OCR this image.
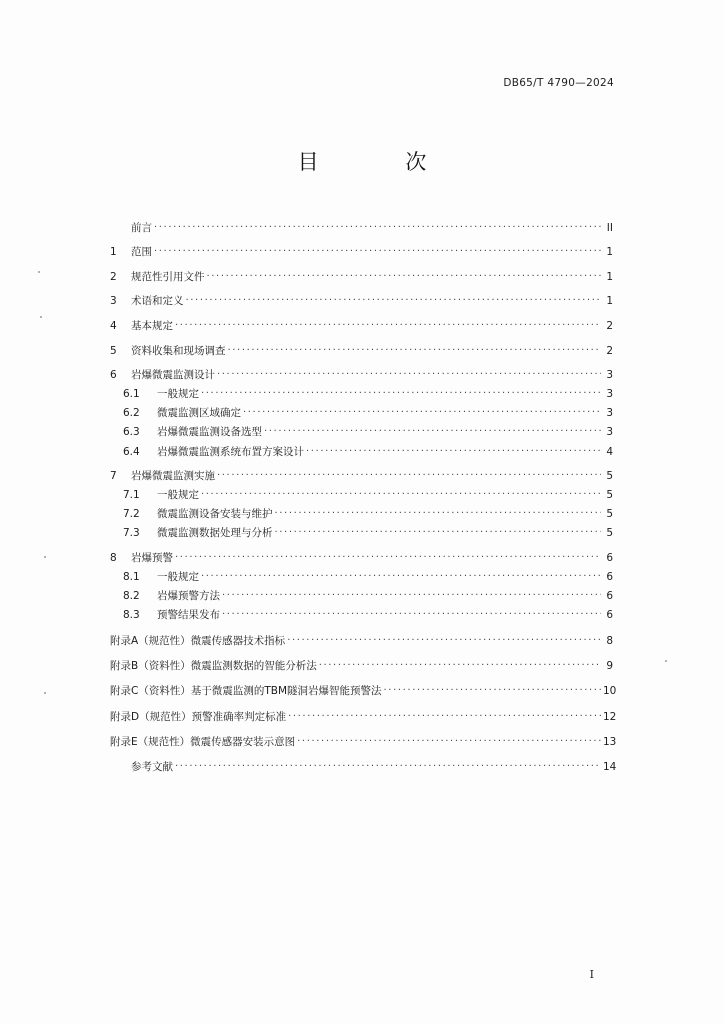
DB65/T 4790—2024
目 次
前言 ·····	II
1	范围 ·····	1
2	规范性引用文件 ·····	1
3	术语和定义 ·····	1
4	基本规定 ·····	2
5	资料收集和现场调查 ·····	2
6	岩爆微震监测设计 ·····	3
6.1	一般规定 ·····	3
6.2	微震监测区域确定 ·····	3
6.3	岩爆微震监测设备选型 ·····	3
6.4	岩爆微震监测系统布置方案设计 ·····	4
7	岩爆微震监测实施 ·····	5
7.1	一般规定 ·····	5
7.2	微震监测设备安装与维护 ·····	5
7.3	微震监测数据处理与分析 ·····	5
8	岩爆预警 ·····	6
8.1	一般规定 ·····	6
8.2	岩爆预警方法 ·····	6
8.3	预警结果发布 ·····	6
附录A（规范性） 微震传感器技术指标 ·····	8
附录B（资料性） 微震监测数据的智能分析法 ·····	9
附录C（资料性） 基于微震监测的TBM隧洞岩爆智能预警法 ·····	10
附录D（规范性） 预警准确率判定标准 ·····	12
附录E（规范性） 微震传感器安装示意图 ·····	13
参考文献 ·····	14
I
